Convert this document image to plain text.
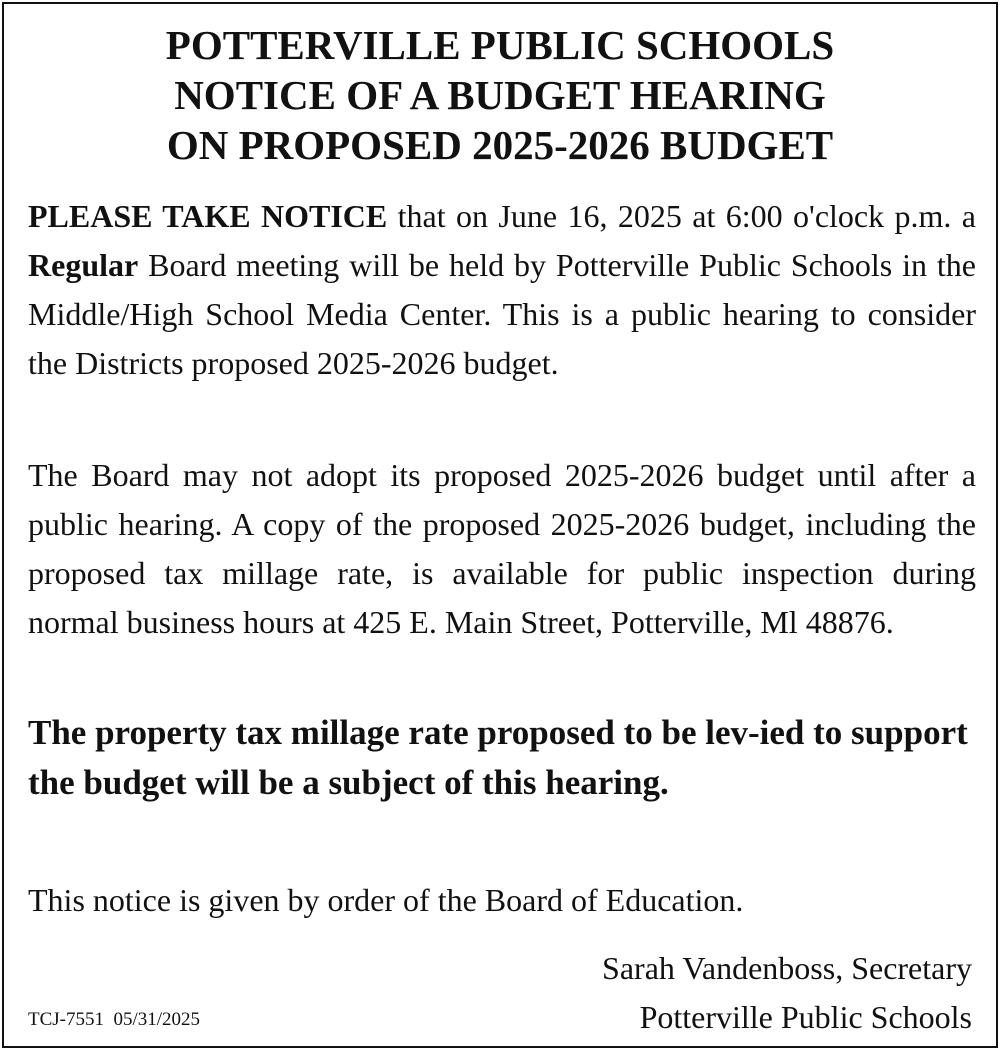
POTTERVILLE PUBLIC SCHOOLS
NOTICE OF A BUDGET HEARING
ON PROPOSED 2025-2026 BUDGET

PLEASE TAKE NOTICE that on June 16, 2025 at 6:00 o'clock p.m. a Regular Board meeting will be held by Potterville Public Schools in the Middle/High School Media Center. This is a public hearing to consider the Districts proposed 2025-2026 budget.

The Board may not adopt its proposed 2025-2026 budget until after a public hearing. A copy of the proposed 2025-2026 budget, including the proposed tax millage rate, is available for public inspection during normal business hours at 425 E. Main Street, Potterville, Ml 48876.

The property tax millage rate proposed to be lev-ied to support the budget will be a subject of this hearing.

This notice is given by order of the Board of Education.

Sarah Vandenboss, Secretary
Potterville Public Schools
TCJ-7551 05/31/2025
